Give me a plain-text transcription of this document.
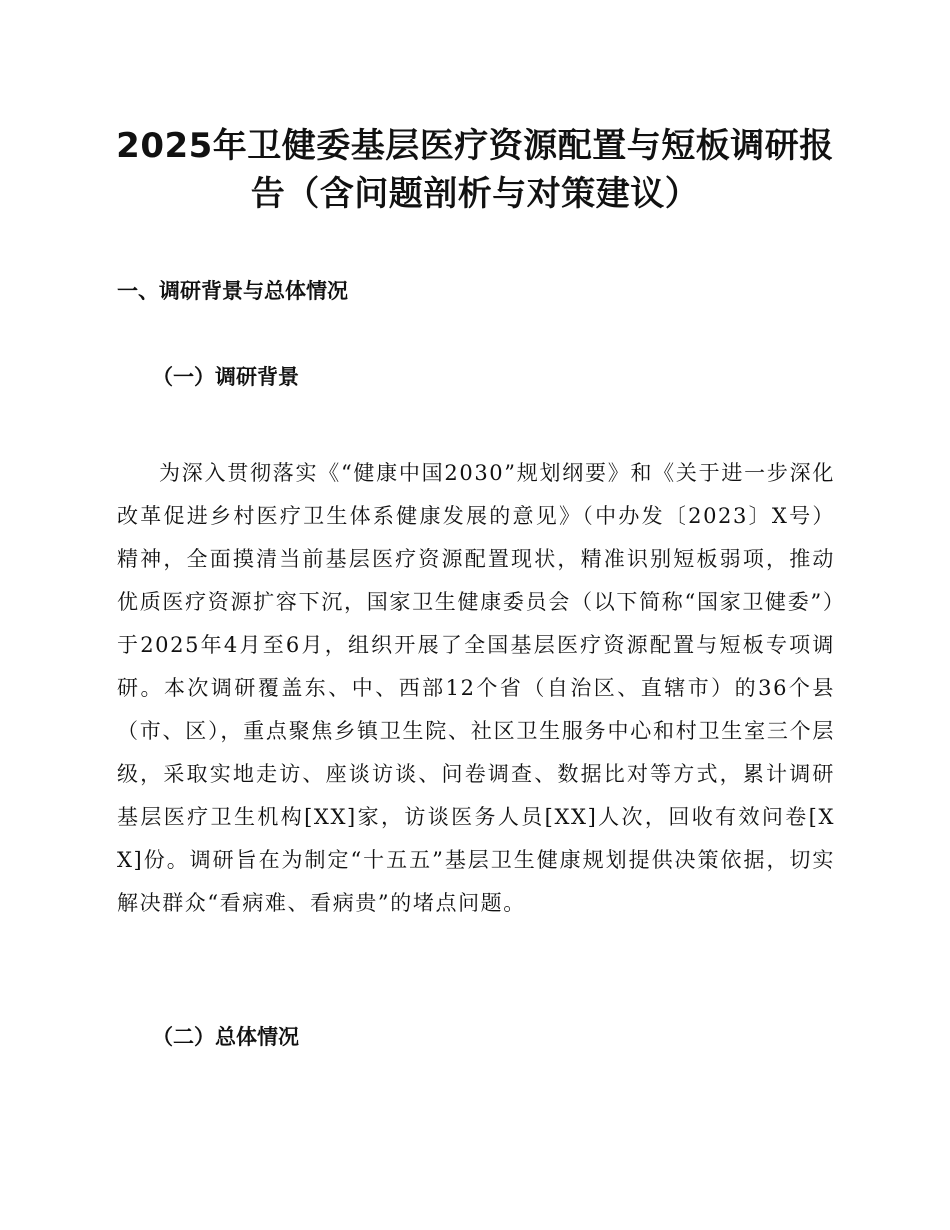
2025年卫健委基层医疗资源配置与短板调研报告（含问题剖析与对策建议）
一、调研背景与总体情况
（一）调研背景

为深入贯彻落实《“健康中国2030”规划纲要》和《关于进一步深化改革促进乡村医疗卫生体系健康发展的意见》（中办发〔2023〕X号）精神，全面摸清当前基层医疗资源配置现状，精准识别短板弱项，推动优质医疗资源扩容下沉，国家卫生健康委员会（以下简称“国家卫健委”）于2025年4月至6月，组织开展了全国基层医疗资源配置与短板专项调研。本次调研覆盖东、中、西部12个省（自治区、直辖市）的36个县（市、区），重点聚焦乡镇卫生院、社区卫生服务中心和村卫生室三个层级，采取实地走访、座谈访谈、问卷调查、数据比对等方式，累计调研基层医疗卫生机构[XX]家，访谈医务人员[XX]人次，回收有效问卷[XX]份。调研旨在为制定“十五五”基层卫生健康规划提供决策依据，切实解决群众“看病难、看病贵”的堵点问题。

（二）总体情况
